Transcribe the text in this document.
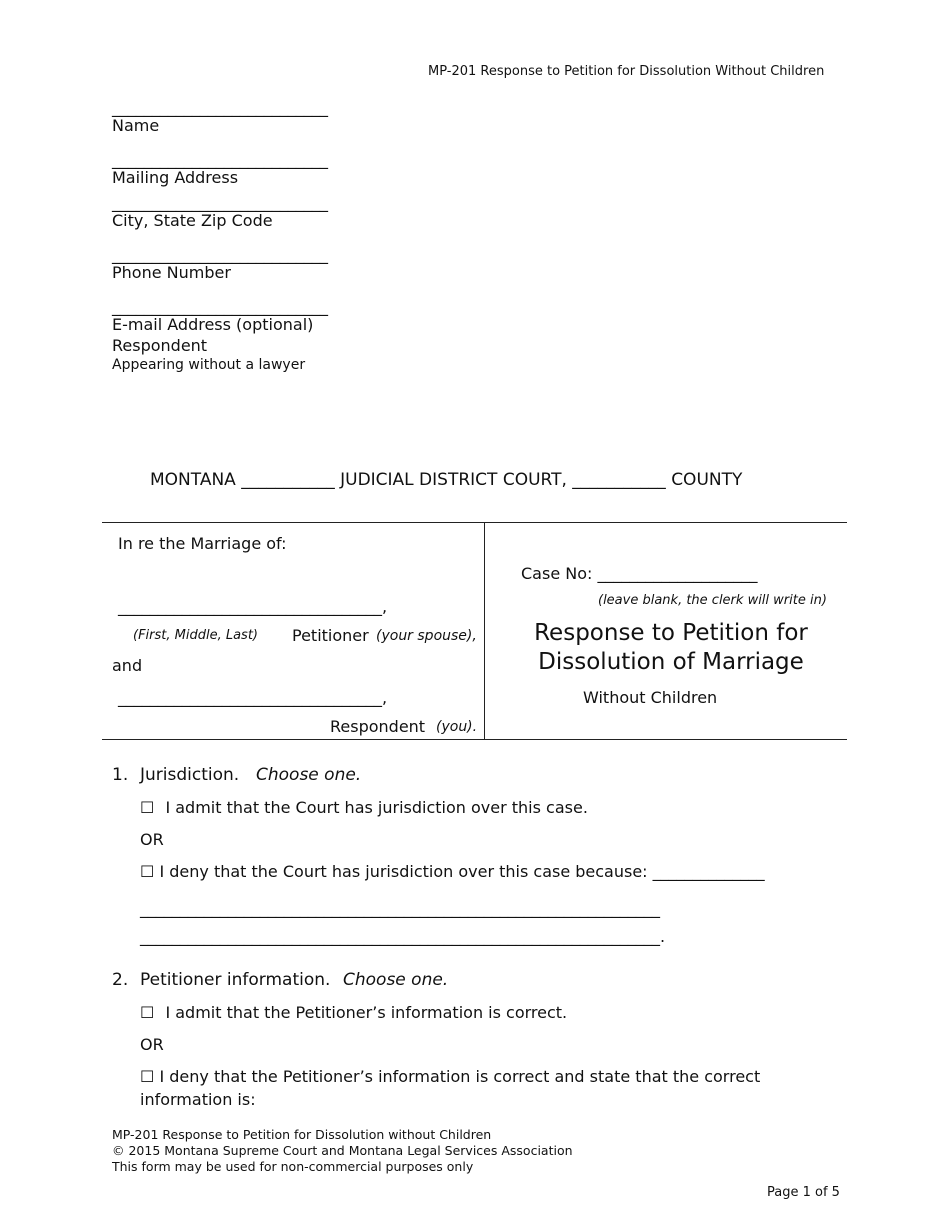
MP-201 Response to Petition for Dissolution Without Children
___________________________
Name
___________________________
Mailing Address
___________________________
City, State Zip Code
___________________________
Phone Number
___________________________
E-mail Address (optional)
Respondent
Appearing without a lawyer
MONTANA ___________ JUDICIAL DISTRICT COURT, ___________ COUNTY
In re the Marriage of:
_________________________________,
(First, Middle, Last) Petitioner (your spouse),
and
_________________________________,
Respondent (you).
Case No: ____________________
(leave blank, the clerk will write in)
Response to Petition for
Dissolution of Marriage
Without Children
1. Jurisdiction. Choose one.
☐ I admit that the Court has jurisdiction over this case.
OR
☐ I deny that the Court has jurisdiction over this case because: ______________
_________________________________________________________________
_________________________________________________________________.
2. Petitioner information. Choose one.
☐ I admit that the Petitioner’s information is correct.
OR
☐ I deny that the Petitioner’s information is correct and state that the correct
information is:
MP-201 Response to Petition for Dissolution without Children
© 2015 Montana Supreme Court and Montana Legal Services Association
This form may be used for non-commercial purposes only
Page 1 of 5
